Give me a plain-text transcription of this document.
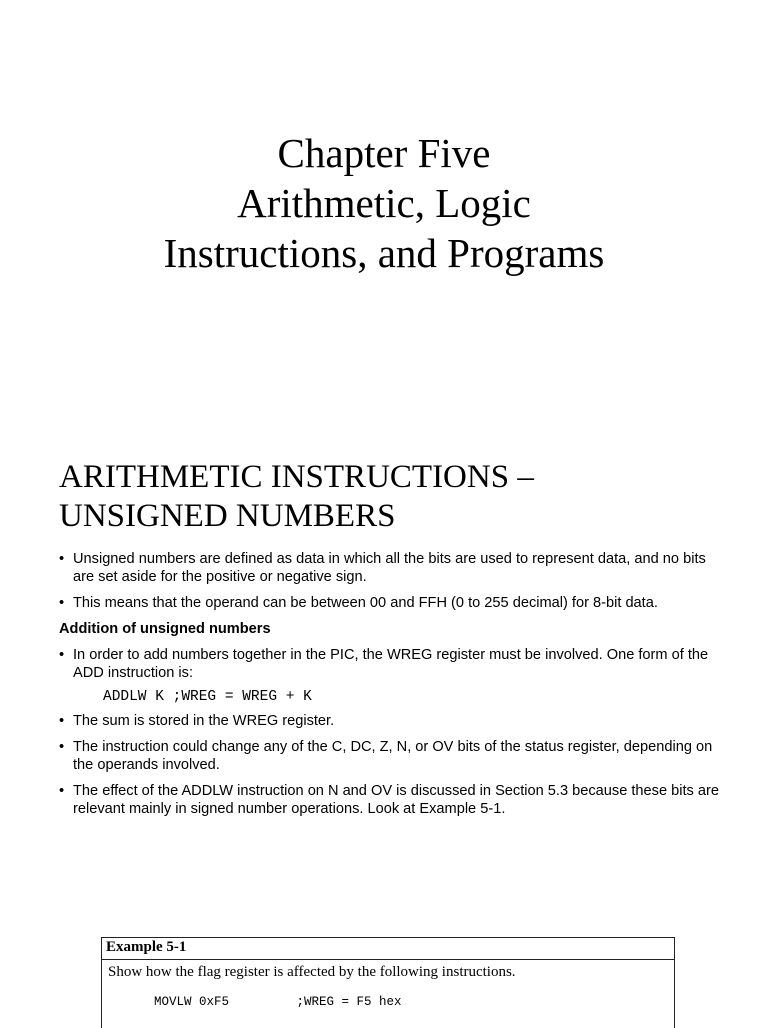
Chapter Five
Arithmetic, Logic
Instructions, and Programs
ARITHMETIC INSTRUCTIONS –
UNSIGNED NUMBERS
• Unsigned numbers are defined as data in which all the bits are used to represent data, and no bits are set aside for the positive or negative sign.
• This means that the operand can be between 00 and FFH (0 to 255 decimal) for 8-bit data.
Addition of unsigned numbers
• In order to add numbers together in the PIC, the WREG register must be involved. One form of the ADD instruction is:
ADDLW K ;WREG = WREG + K
• The sum is stored in the WREG register.
• The instruction could change any of the C, DC, Z, N, or OV bits of the status register, depending on the operands involved.
• The effect of the ADDLW instruction on N and OV is discussed in Section 5.3 because these bits are relevant mainly in signed number operations. Look at Example 5-1.
Example 5-1
Show how the flag register is affected by the following instructions.
MOVLW 0xF5         ;WREG = F5 hex
